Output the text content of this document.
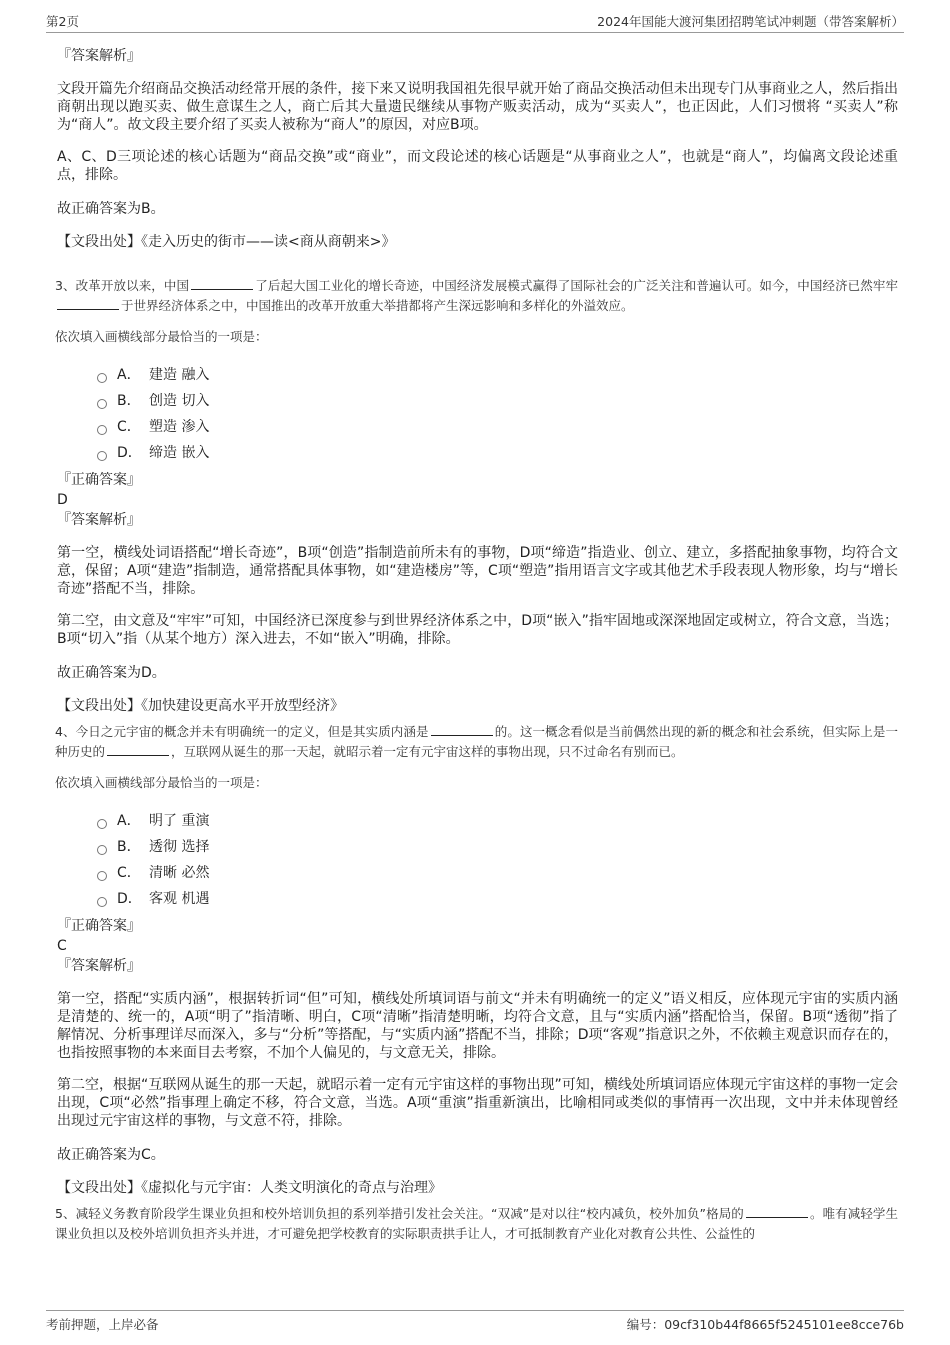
第2页	2024年国能大渡河集团招聘笔试冲刺题（带答案解析）

『答案解析』

文段开篇先介绍商品交换活动经常开展的条件，接下来又说明我国祖先很早就开始了商品交换活动但未出现专门从事商业之人，然后指出商朝出现以跑买卖、做生意谋生之人，商亡后其大量遗民继续从事物产贩卖活动，成为“买卖人”，也正因此，人们习惯将 “买卖人”称为“商人”。故文段主要介绍了买卖人被称为“商人”的原因，对应B项。

A、C、D三项论述的核心话题为“商品交换”或“商业”，而文段论述的核心话题是“从事商业之人”，也就是“商人”，均偏离文段论述重点，排除。

故正确答案为B。

【文段出处】《走入历史的街市——读<商从商朝来>》

3、改革开放以来，中国	了后起大国工业化的增长奇迹，中国经济发展模式赢得了国际社会的广泛关注和普遍认可。如今，中国经济已然牢牢于世界经济体系之中，中国推出的改革开放重大举措都将产生深远影响和多样化的外溢效应。

依次填入画横线部分最恰当的一项是：

A． 建造 融入
B． 创造 切入
C． 塑造 渗入
D． 缔造 嵌入

『正确答案』

D

『答案解析』

第一空，横线处词语搭配“增长奇迹”，B项“创造”指制造前所未有的事物，D项“缔造”指造业、创立、建立，多搭配抽象事物，均符合文意，保留；A项“建造”指制造，通常搭配具体事物，如“建造楼房”等，C项“塑造”指用语言文字或其他艺术手段表现人物形象，均与“增长奇迹”搭配不当，排除。

第二空，由文意及“牢牢”可知，中国经济已深度参与到世界经济体系之中，D项“嵌入”指牢固地或深深地固定或树立，符合文意，当选；B项“切入”指（从某个地方）深入进去，不如“嵌入”明确，排除。

故正确答案为D。

【文段出处】《加快建设更高水平开放型经济》

4、今日之元宇宙的概念并未有明确统一的定义，但是其实质内涵是	的。这一概念看似是当前偶然出现的新的概念和社会系统，但实际上是一种历史的	，互联网从诞生的那一天起，就昭示着一定有元宇宙这样的事物出现，只不过命名有别而已。

依次填入画横线部分最恰当的一项是：

A． 明了 重演
B． 透彻 选择
C． 清晰 必然
D． 客观 机遇

『正确答案』

C

『答案解析』

第一空，搭配“实质内涵”，根据转折词“但”可知，横线处所填词语与前文“并未有明确统一的定义”语义相反，应体现元宇宙的实质内涵是清楚的、统一的，A项“明了”指清晰、明白，C项“清晰”指清楚明晰，均符合文意，且与“实质内涵”搭配恰当，保留。B项“透彻”指了解情况、分析事理详尽而深入，多与“分析”等搭配，与“实质内涵”搭配不当，排除；D项“客观”指意识之外，不依赖主观意识而存在的，也指按照事物的本来面目去考察，不加个人偏见的，与文意无关，排除。

第二空，根据“互联网从诞生的那一天起，就昭示着一定有元宇宙这样的事物出现”可知，横线处所填词语应体现元宇宙这样的事物一定会出现，C项“必然”指事理上确定不移，符合文意，当选。A项“重演”指重新演出，比喻相同或类似的事情再一次出现，文中并未体现曾经出现过元宇宙这样的事物，与文意不符，排除。

故正确答案为C。

【文段出处】《虚拟化与元宇宙：人类文明演化的奇点与治理》

5、减轻义务教育阶段学生课业负担和校外培训负担的系列举措引发社会关注。“双减”是对以往“校内减负，校外加负”格局的	。唯有减轻学生课业负担以及校外培训负担齐头并进，才可避免把学校教育的实际职责拱手让人，才可抵制教育产业化对教育公共性、公益性的

考前押题，上岸必备	编号：09cf310b44f8665f5245101ee8cce76b
